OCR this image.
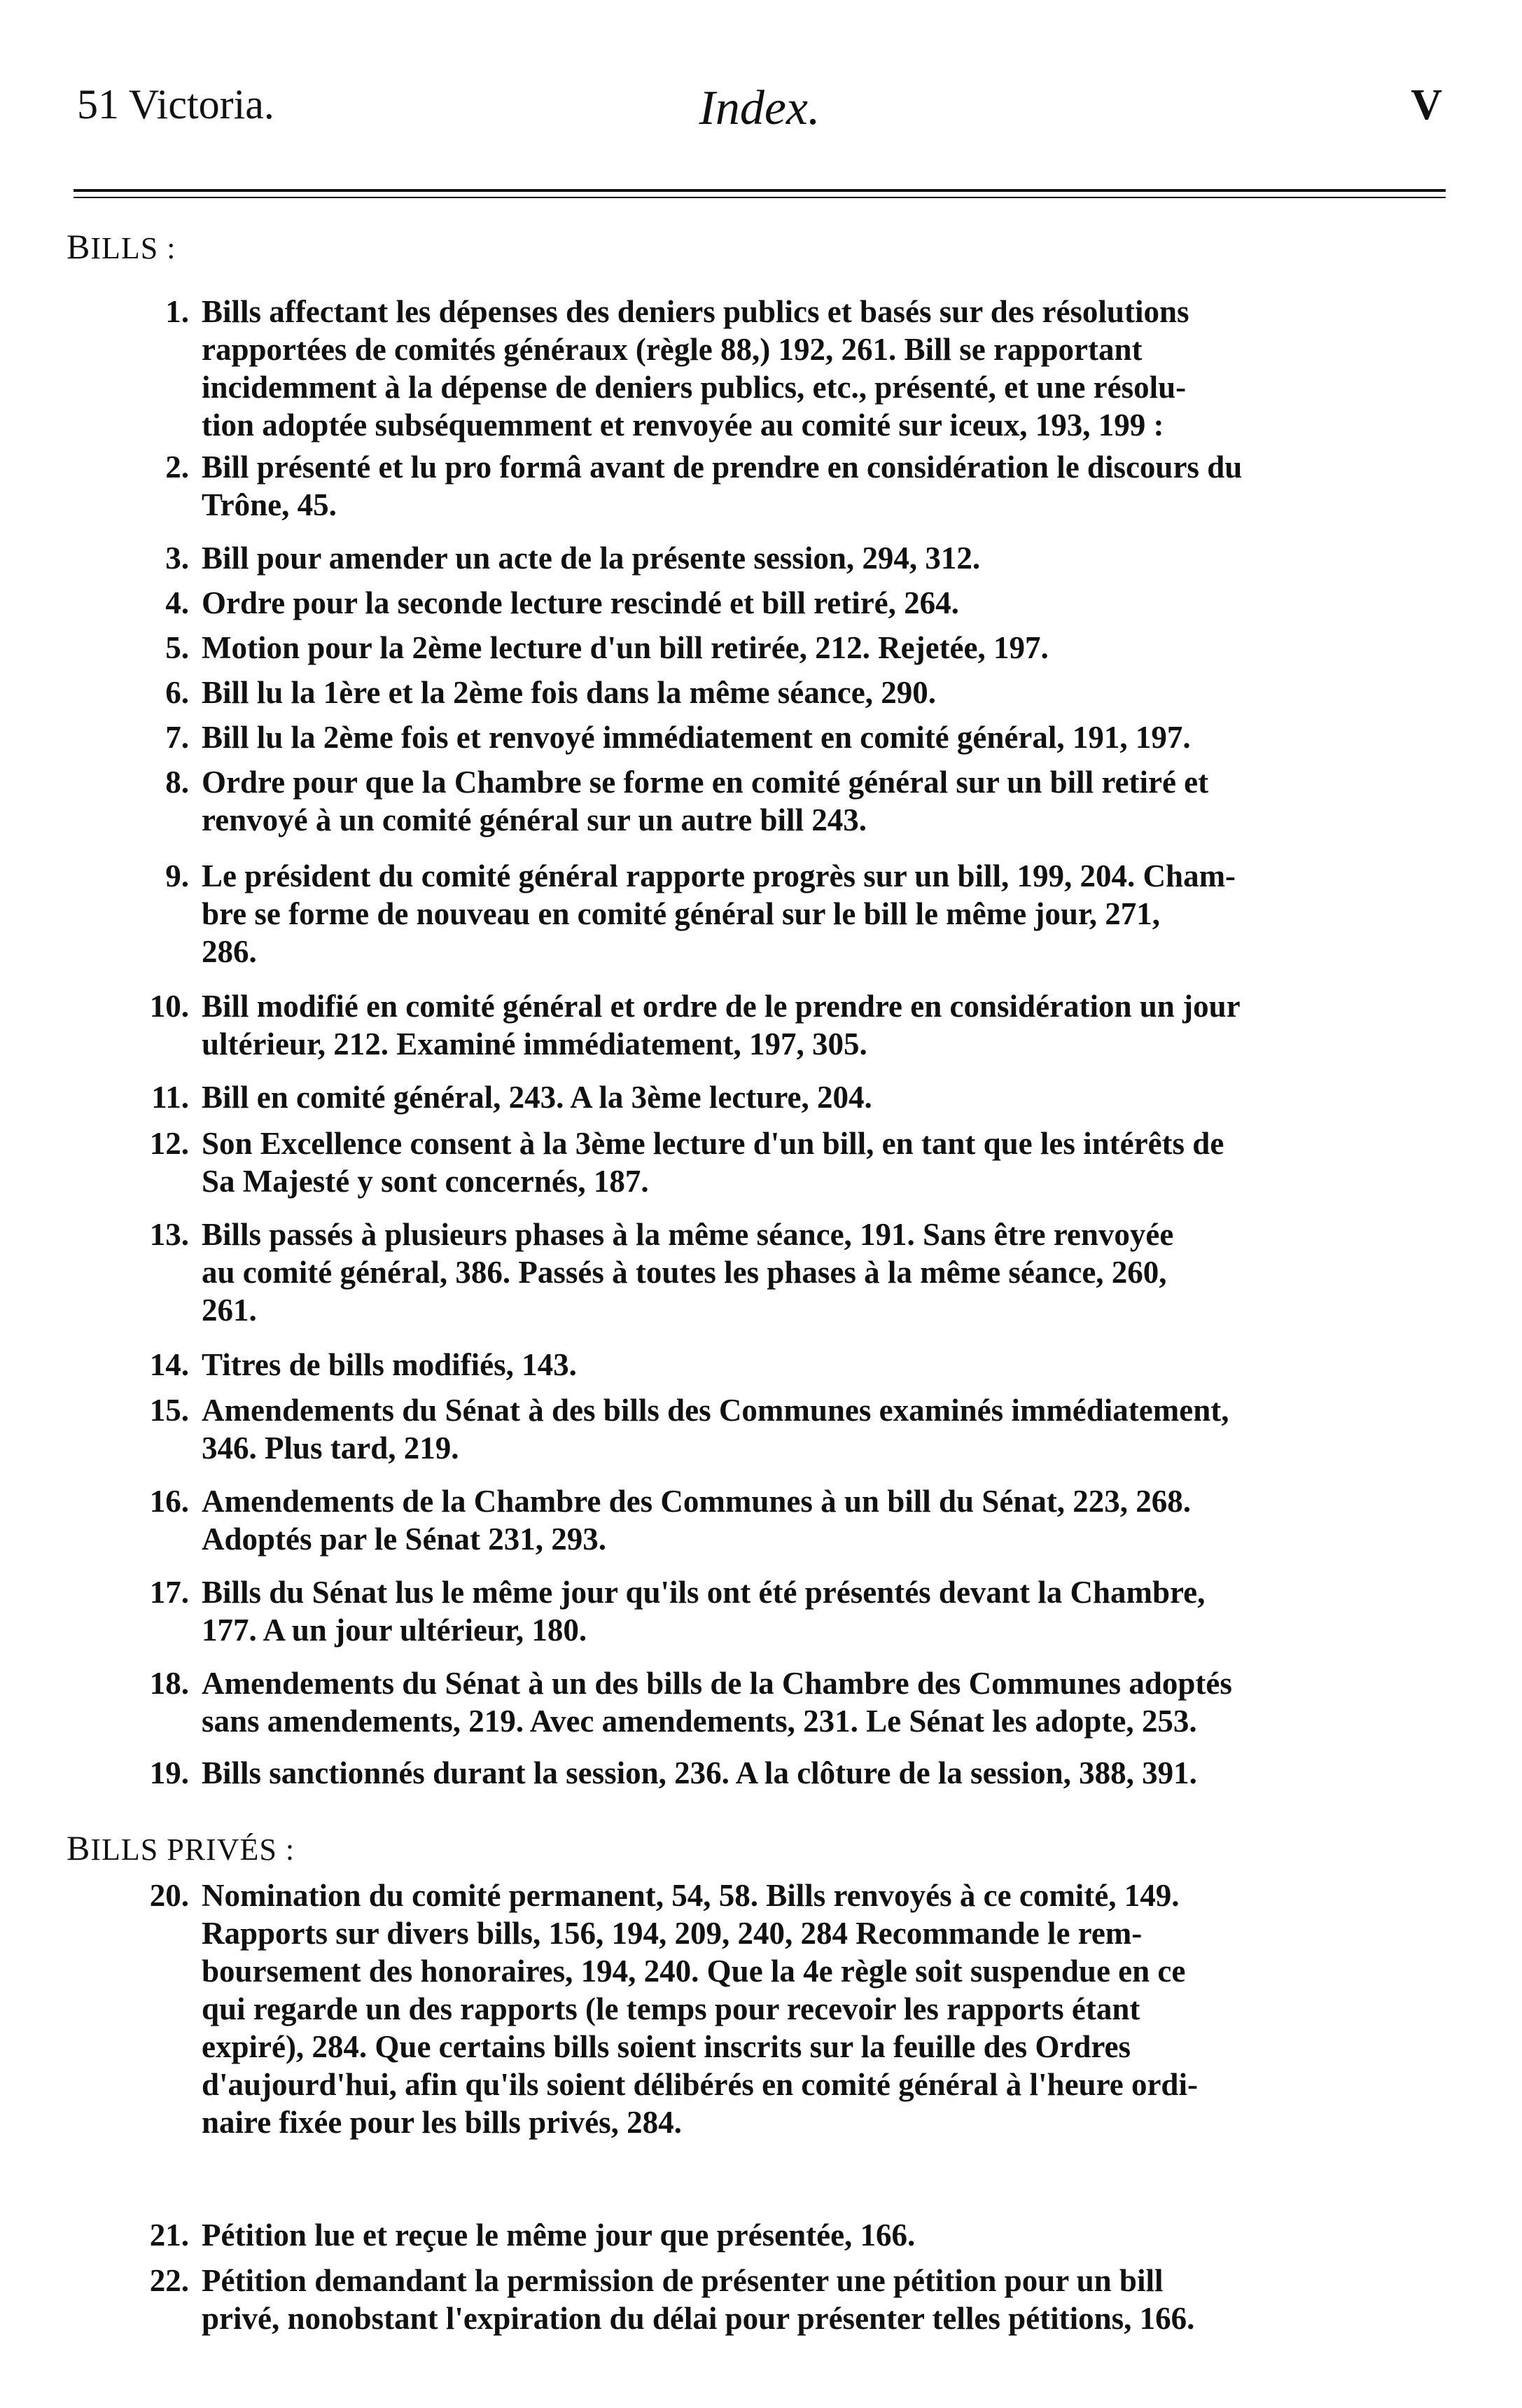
51 Victoria.	Index.	V
BILLS :
1. Bills affectant les dépenses des deniers publics et basés sur des résolutions
rapportées de comités généraux (règle 88,) 192, 261. Bill se rapportant
incidemment à la dépense de deniers publics, etc., présenté, et une résolu-
tion adoptée subséquemment et renvoyée au comité sur iceux, 193, 199 :
2. Bill présenté et lu pro formâ avant de prendre en considération le discours du
Trône, 45.
3. Bill pour amender un acte de la présente session, 294, 312.
4. Ordre pour la seconde lecture rescindé et bill retiré, 264.
5. Motion pour la 2ème lecture d'un bill retirée, 212. Rejetée, 197.
6. Bill lu la 1ère et la 2ème fois dans la même séance, 290.
7. Bill lu la 2ème fois et renvoyé immédiatement en comité général, 191, 197.
8. Ordre pour que la Chambre se forme en comité général sur un bill retiré et
renvoyé à un comité général sur un autre bill 243.
9. Le président du comité général rapporte progrès sur un bill, 199, 204. Cham-
bre se forme de nouveau en comité général sur le bill le même jour, 271,
286.
10. Bill modifié en comité général et ordre de le prendre en considération un jour
ultérieur, 212. Examiné immédiatement, 197, 305.
11. Bill en comité général, 243. A la 3ème lecture, 204.
12. Son Excellence consent à la 3ème lecture d'un bill, en tant que les intérêts de
Sa Majesté y sont concernés, 187.
13. Bills passés à plusieurs phases à la même séance, 191. Sans être renvoyée
au comité général, 386. Passés à toutes les phases à la même séance, 260,
261.
14. Titres de bills modifiés, 143.
15. Amendements du Sénat à des bills des Communes examinés immédiatement,
346. Plus tard, 219.
16. Amendements de la Chambre des Communes à un bill du Sénat, 223, 268.
Adoptés par le Sénat 231, 293.
17. Bills du Sénat lus le même jour qu'ils ont été présentés devant la Chambre,
177. A un jour ultérieur, 180.
18. Amendements du Sénat à un des bills de la Chambre des Communes adoptés
sans amendements, 219. Avec amendements, 231. Le Sénat les adopte, 253.
19. Bills sanctionnés durant la session, 236. A la clôture de la session, 388, 391.
BILLS PRIVÉS :
20. Nomination du comité permanent, 54, 58. Bills renvoyés à ce comité, 149.
Rapports sur divers bills, 156, 194, 209, 240, 284 Recommande le rem-
boursement des honoraires, 194, 240. Que la 4e règle soit suspendue en ce
qui regarde un des rapports (le temps pour recevoir les rapports étant
expiré), 284. Que certains bills soient inscrits sur la feuille des Ordres
d'aujourd'hui, afin qu'ils soient délibérés en comité général à l'heure ordi-
naire fixée pour les bills privés, 284.
21. Pétition lue et reçue le même jour que présentée, 166.
22. Pétition demandant la permission de présenter une pétition pour un bill
privé, nonobstant l'expiration du délai pour présenter telles pétitions, 166.
